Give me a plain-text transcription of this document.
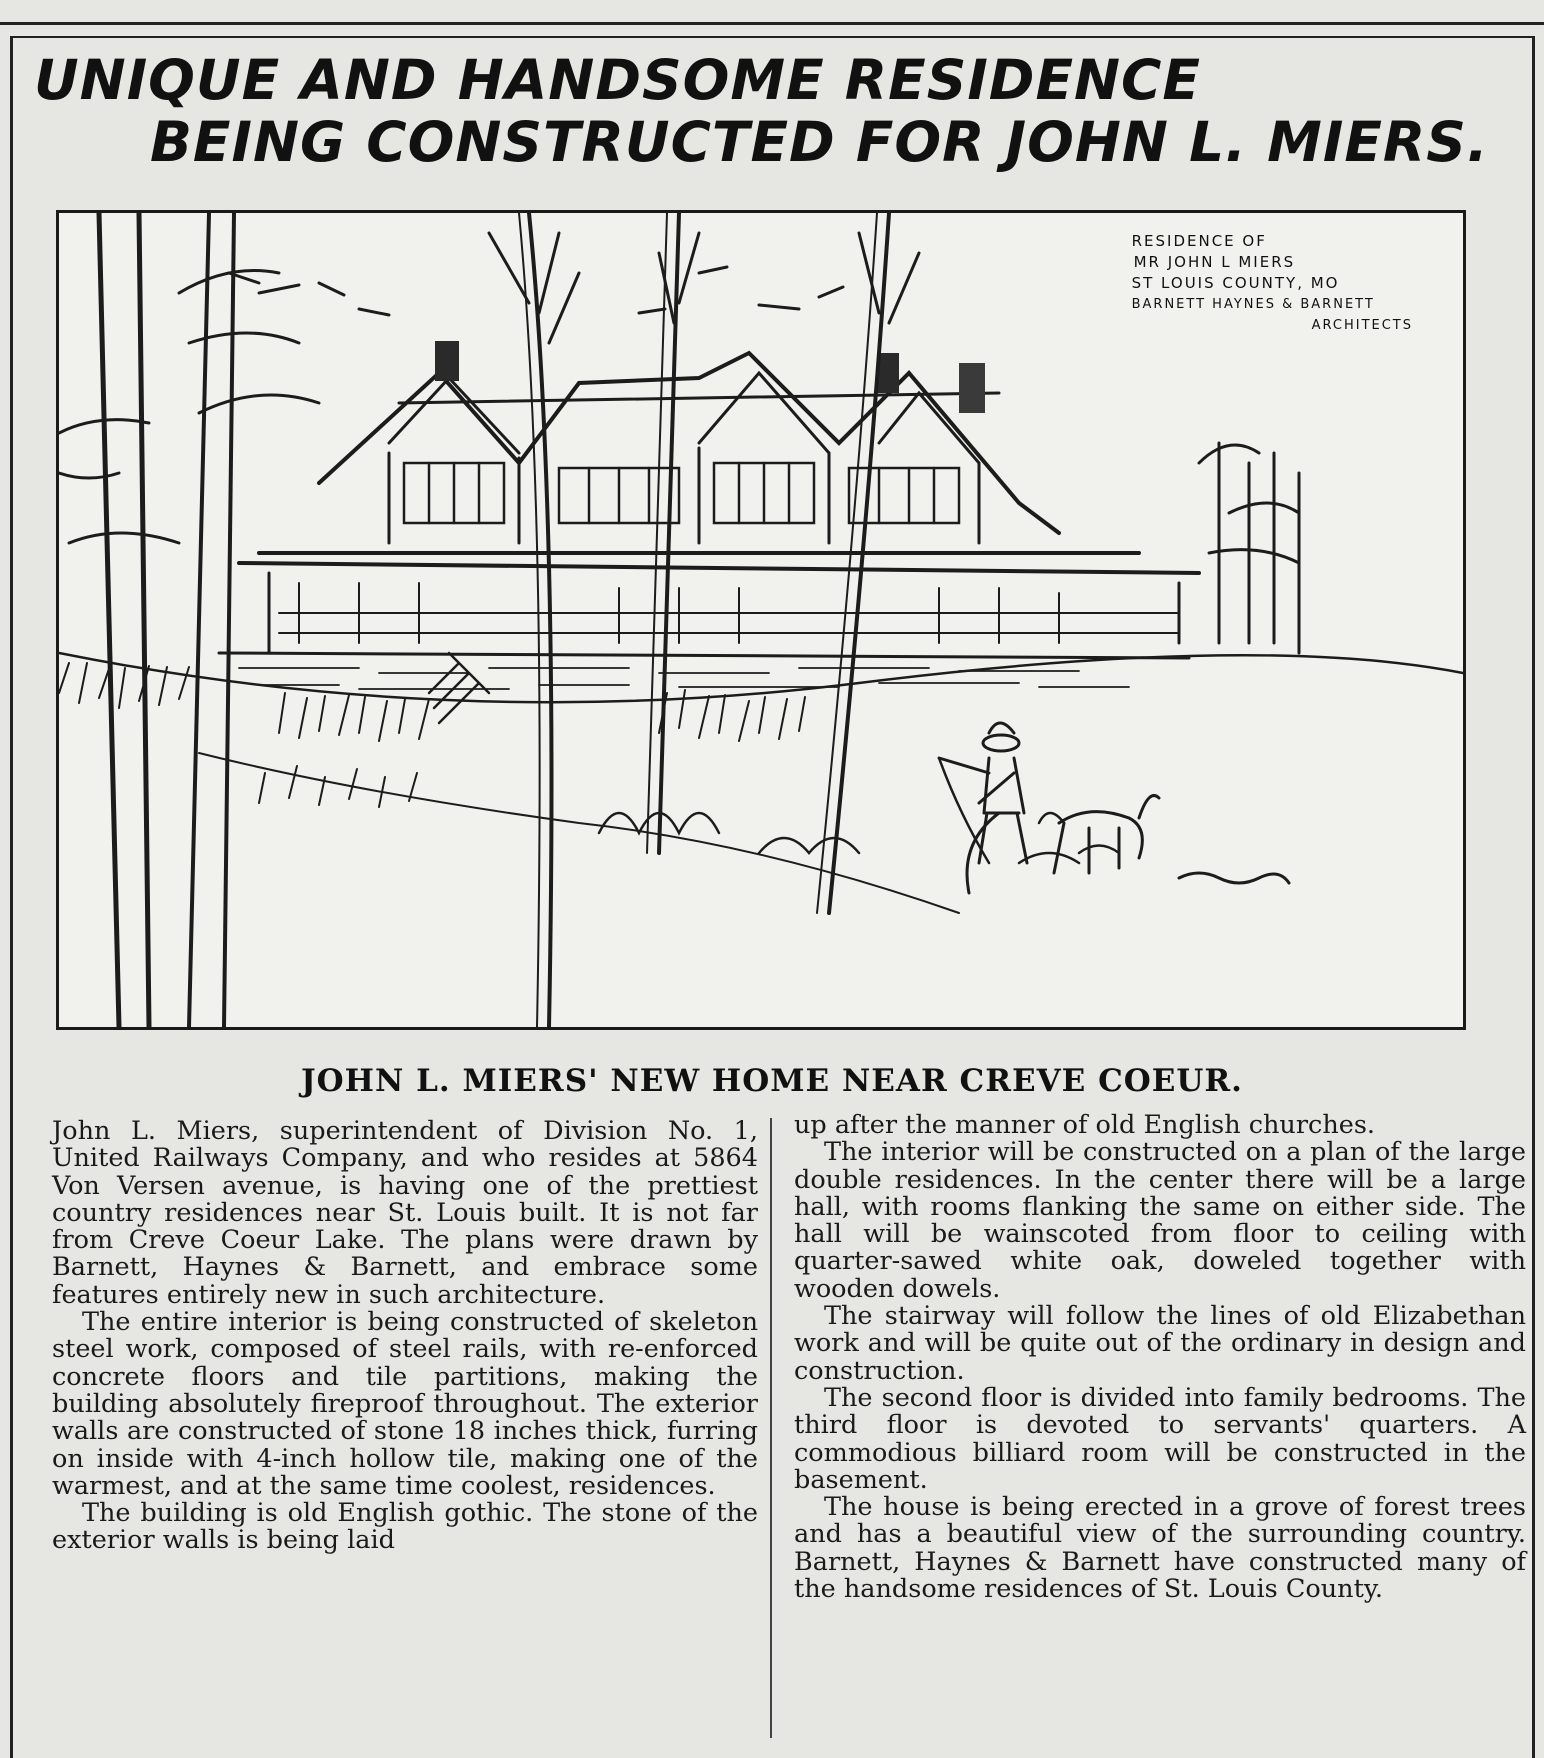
UNIQUE AND HANDSOME RESIDENCE
BEING CONSTRUCTED FOR JOHN L. MIERS.
RESIDENCE OF
MR JOHN L MIERS
ST LOUIS COUNTY, MO
BARNETT HAYNES & BARNETT
ARCHITECTS
JOHN L. MIERS' NEW HOME NEAR CREVE COEUR.

John L. Miers, superintendent of Division No. 1, United Railways Company, and who resides at 5864 Von Versen avenue, is having one of the prettiest country residences near St. Louis built. It is not far from Creve Coeur Lake. The plans were drawn by Barnett, Haynes & Barnett, and embrace some features entirely new in such architecture.

The entire interior is being constructed of skeleton steel work, composed of steel rails, with re-enforced concrete floors and tile partitions, making the building absolutely fireproof throughout. The exterior walls are constructed of stone 18 inches thick, furring on inside with 4-inch hollow tile, making one of the warmest, and at the same time coolest, residences.

The building is old English gothic. The stone of the exterior walls is being laid

up after the manner of old English churches.

The interior will be constructed on a plan of the large double residences. In the center there will be a large hall, with rooms flanking the same on either side. The hall will be wainscoted from floor to ceiling with quarter-sawed white oak, doweled together with wooden dowels.

The stairway will follow the lines of old Elizabethan work and will be quite out of the ordinary in design and construction.

The second floor is divided into family bedrooms. The third floor is devoted to servants' quarters. A commodious billiard room will be constructed in the basement.

The house is being erected in a grove of forest trees and has a beautiful view of the surrounding country. Barnett, Haynes & Barnett have constructed many of the handsome residences of St. Louis County.
